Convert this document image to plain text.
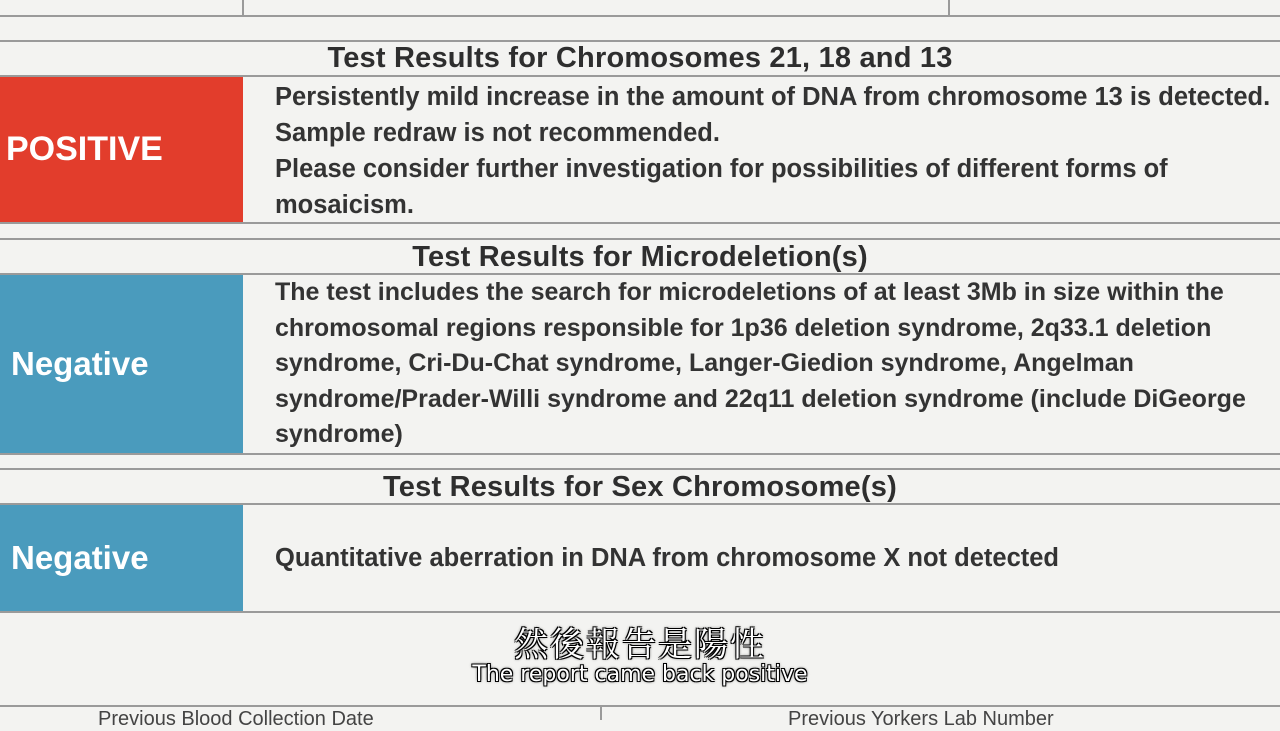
Test Results for Chromosomes 21, 18 and 13
POSITIVE

Persistently mild increase in the amount of DNA from chromosome 13 is detected. Sample redraw is not recommended.

Please consider further investigation for possibilities of different forms of mosaicism.

Test Results for Microdeletion(s)
Negative

The test includes the search for microdeletions of at least 3Mb in size within the chromosomal regions responsible for 1p36 deletion syndrome, 2q33.1 deletion syndrome, Cri-Du-Chat syndrome, Langer-Giedion syndrome, Angelman syndrome/Prader-Willi syndrome and 22q11 deletion syndrome (include DiGeorge syndrome)

Test Results for Sex Chromosome(s)
Negative	Quantitative aberration in DNA from chromosome X not detected

Previous Blood Collection Date	Previous Yorkers Lab Number
然後報告是陽性
The report came back positive
